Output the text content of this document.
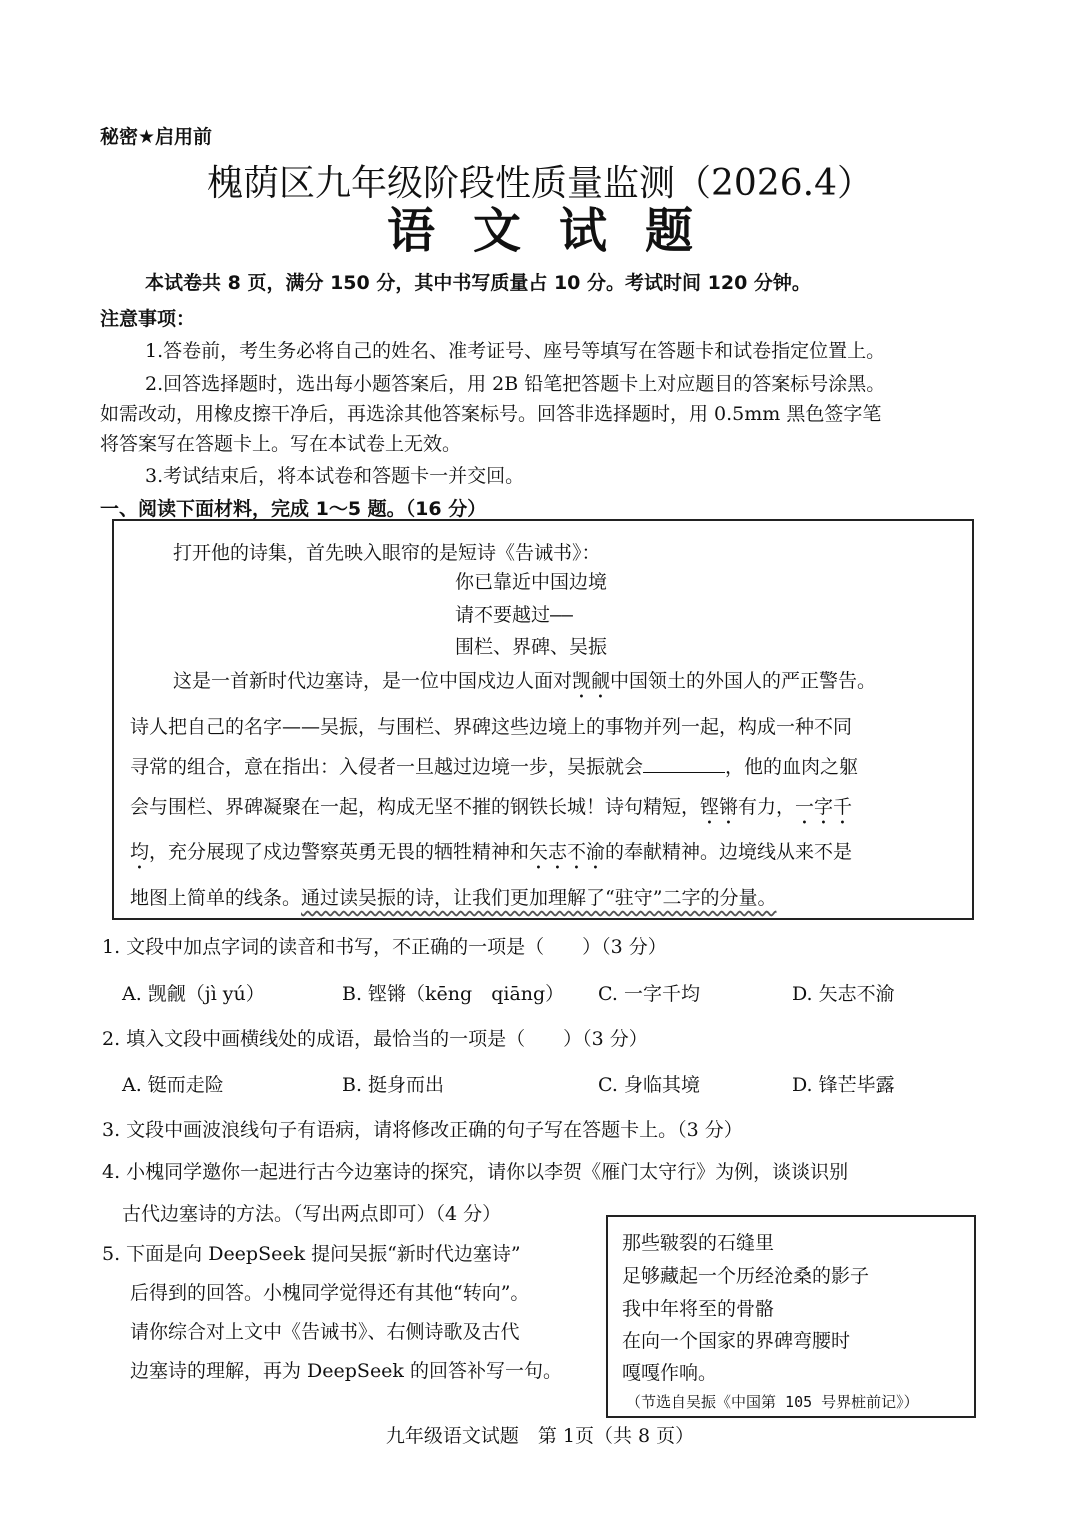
秘密★启用前
槐荫区九年级阶段性质量监测（2026.4）
语文试题
本试卷共 8 页，满分 150 分，其中书写质量占 10 分。考试时间 120 分钟。
注意事项：
1.答卷前，考生务必将自己的姓名、准考证号、座号等填写在答题卡和试卷指定位置上。
2.回答选择题时，选出每小题答案后，用 2B 铅笔把答题卡上对应题目的答案标号涂黑。
如需改动，用橡皮擦干净后，再选涂其他答案标号。回答非选择题时，用 0.5mm 黑色签字笔
将答案写在答题卡上。写在本试卷上无效。
3.考试结束后，将本试卷和答题卡一并交回。
一、阅读下面材料，完成 1～5 题。（16 分）
打开他的诗集，首先映入眼帘的是短诗《告诫书》：
你已靠近中国边境
请不要越过——
围栏、界碑、吴振
这是一首新时代边塞诗，是一位中国戍边人面对觊觎中国领土的外国人的严正警告。
诗人把自己的名字——吴振，与围栏、界碑这些边境上的事物并列一起，构成一种不同
寻常的组合，意在指出：入侵者一旦越过边境一步，吴振就会	，他的血肉之躯
会与围栏、界碑凝聚在一起，构成无坚不摧的钢铁长城！诗句精短，铿锵有力，一字千
均，充分展现了戍边警察英勇无畏的牺牲精神和矢志不渝的奉献精神。边境线从来不是
地图上简单的线条。通过读吴振的诗，让我们更加理解了“驻守”二字的分量。
1. 文段中加点字词的读音和书写，不正确的一项是（　　）（3 分）
A. 觊觎（jì yú）	B. 铿锵（kēng　qiāng） C. 一字千均	D. 矢志不渝
2. 填入文段中画横线处的成语，最恰当的一项是（　　）（3 分）
A. 铤而走险	B. 挺身而出	C. 身临其境	D. 锋芒毕露
3. 文段中画波浪线句子有语病，请将修改正确的句子写在答题卡上。（3 分）
4. 小槐同学邀你一起进行古今边塞诗的探究，请你以李贺《雁门太守行》为例，谈谈识别
古代边塞诗的方法。（写出两点即可）（4 分）
5. 下面是向 DeepSeek 提问吴振“新时代边塞诗”
后得到的回答。小槐同学觉得还有其他“转向”。
请你综合对上文中《告诫书》、右侧诗歌及古代
边塞诗的理解，再为 DeepSeek 的回答补写一句。
那些皲裂的石缝里
足够藏起一个历经沧桑的影子
我中年将至的骨骼
在向一个国家的界碑弯腰时
嘎嘎作响。
（节选自吴振《中国第 105 号界桩前记》）
九年级语文试题　第 1页（共 8 页）
